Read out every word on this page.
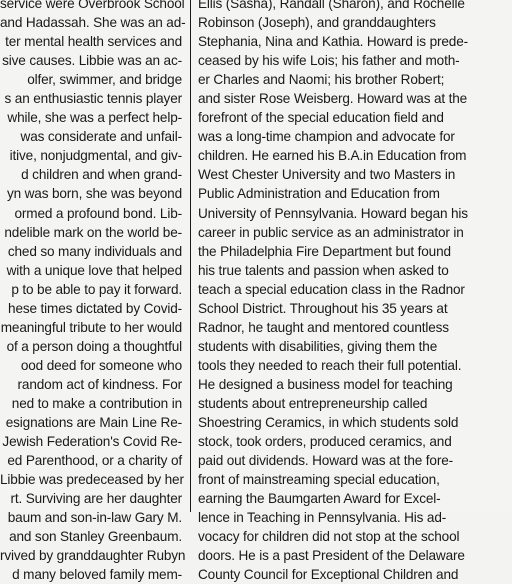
service were Overbrook School
and Hadassah. She was an ad-
ter mental health services and
sive causes. Libbie was an ac-
olfer, swimmer, and bridge
s an enthusiastic tennis player
while, she was a perfect help-
was considerate and unfail-
itive, nonjudgmental, and giv-
d children and when grand-
yn was born, she was beyond
ormed a profound bond. Lib-
ndelible mark on the world be-
ched so many individuals and
with a unique love that helped
p to be able to pay it forward.
hese times dictated by Covid-
meaningful tribute to her would
of a person doing a thoughtful
ood deed for someone who
random act of kindness. For
ned to make a contribution in
esignations are Main Line Re-
Jewish Federation's Covid Re-
ed Parenthood, or a charity of
Libbie was predeceased by her
rt. Surviving are her daughter
baum and son-in-law Gary M.
and son Stanley Greenbaum.
rvived by granddaughter Rubyn
d many beloved family mem-
Ellis (Sasha), Randall (Sharon), and Rochelle
Robinson (Joseph), and granddaughters
Stephania, Nina and Kathia. Howard is prede-
ceased by his wife Lois; his father and moth-
er Charles and Naomi; his brother Robert;
and sister Rose Weisberg. Howard was at the
forefront of the special education field and
was a long-time champion and advocate for
children. He earned his B.A.in Education from
West Chester University and two Masters in
Public Administration and Education from
University of Pennsylvania. Howard began his
career in public service as an administrator in
the Philadelphia Fire Department but found
his true talents and passion when asked to
teach a special education class in the Radnor
School District. Throughout his 35 years at
Radnor, he taught and mentored countless
students with disabilities, giving them the
tools they needed to reach their full potential.
He designed a business model for teaching
students about entrepreneurship called
Shoestring Ceramics, in which students sold
stock, took orders, produced ceramics, and
paid out dividends. Howard was at the fore-
front of mainstreaming special education,
earning the Baumgarten Award for Excel-
lence in Teaching in Pennsylvania. His ad-
vocacy for children did not stop at the school
doors. He is a past President of the Delaware
County Council for Exceptional Children and
